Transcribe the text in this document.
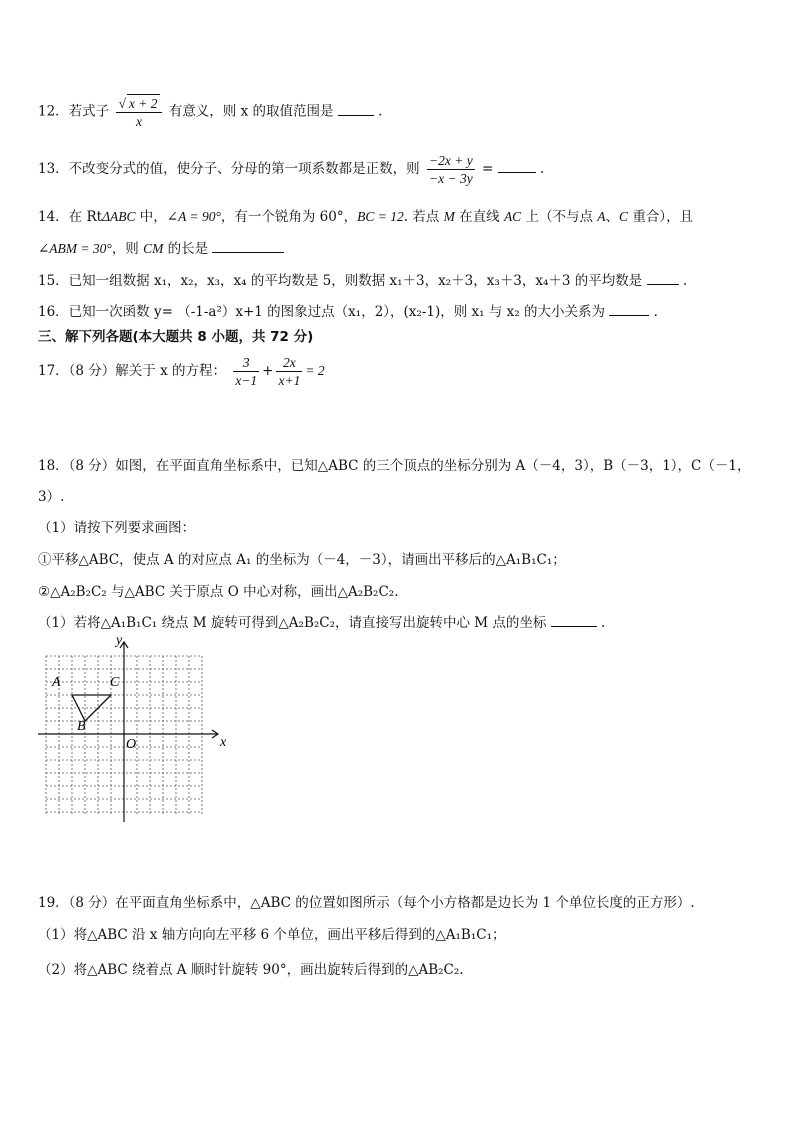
12．若式子 $\frac{√ x + 2}{x}$ 有意义，则 x 的取值范围是	.
13．不改变分式的值，使分子、分母的第一项系数都是正数，则 $\frac{-2x + y}{-x - 3y}$ =	.
14．在 RtΔABC 中，∠A = 90°，有一个锐角为 60°，BC = 12. 若点 M 在直线 AC 上（不与点 A、C 重合），且
∠ABM = 30°，则 CM 的长是
15．已知一组数据 x₁，x₂，x₃，x₄ 的平均数是 5，则数据 x₁＋3，x₂＋3，x₃＋3，x₄＋3 的平均数是	.
16．已知一次函数 y= （-1-a²）x+1 的图象过点（x₁，2），(x₂-1)，则 x₁ 与 x₂ 的大小关系为	.
三、解下列各题(本大题共 8 小题，共 72 分)
17．（8 分）解关于 x 的方程： $\frac{3}{x-1} + \frac{2x}{x+1} = 2$
18．（8 分）如图，在平面直角坐标系中，已知△ABC 的三个顶点的坐标分别为 A（－4，3），B（－3，1），C（－1，
3）.
（1）请按下列要求画图：
①平移△ABC，使点 A 的对应点 A₁ 的坐标为（－4，－3），请画出平移后的△A₁B₁C₁；
②△A₂B₂C₂ 与△ABC 关于原点 O 中心对称，画出△A₂B₂C₂.
（1）若将△A₁B₁C₁ 绕点 M 旋转可得到△A₂B₂C₂，请直接写出旋转中心 M 点的坐标	.
x
y
O
A
B
C
19．（8 分）在平面直角坐标系中，△ABC 的位置如图所示（每个小方格都是边长为 1 个单位长度的正方形）.
（1）将△ABC 沿 x 轴方向向左平移 6 个单位，画出平移后得到的△A₁B₁C₁；
（2）将△ABC 绕着点 A 顺时针旋转 90°，画出旋转后得到的△AB₂C₂.
